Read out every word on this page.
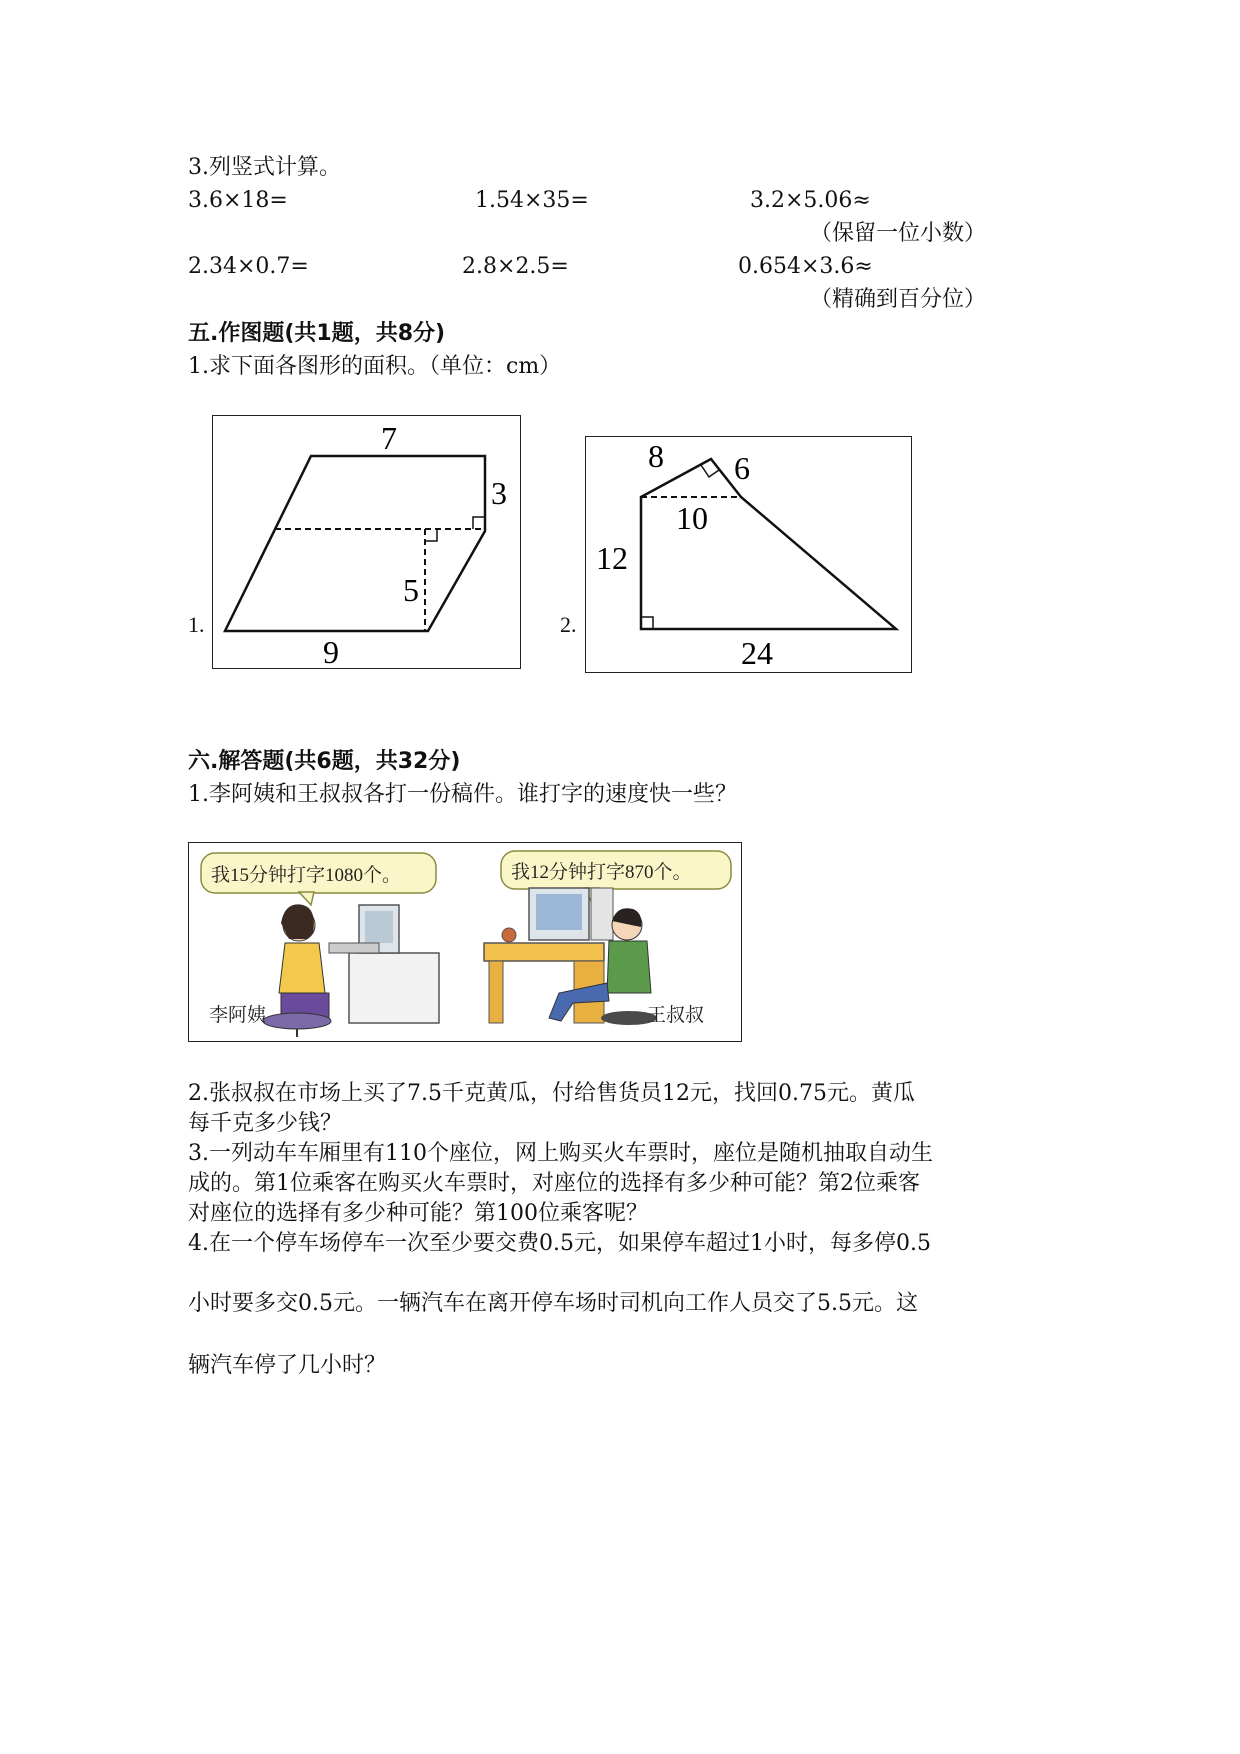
3.列竖式计算。
3.6×18=	1.54×35=	3.2×5.06≈
（保留一位小数）
2.34×0.7=	2.8×2.5=	0.654×3.6≈
（精确到百分位）
五.作图题(共1题，共8分)
1.求下面各图形的面积。（单位：cm）
7
3
5
9
1.
8 6
10
12
24
2.
六.解答题(共6题，共32分)
1.李阿姨和王叔叔各打一份稿件。谁打字的速度快一些？
我15分钟打字1080个。	我12分钟打字870个。
李阿姨	王叔叔
2.张叔叔在市场上买了7.5千克黄瓜，付给售货员12元，找回0.75元。黄瓜
每千克多少钱？
3.一列动车车厢里有110个座位，网上购买火车票时，座位是随机抽取自动生
成的。第1位乘客在购买火车票时，对座位的选择有多少种可能？第2位乘客
对座位的选择有多少种可能？第100位乘客呢？
4.在一个停车场停车一次至少要交费0.5元，如果停车超过1小时，每多停0.5
小时要多交0.5元。一辆汽车在离开停车场时司机向工作人员交了5.5元。这
辆汽车停了几小时？
